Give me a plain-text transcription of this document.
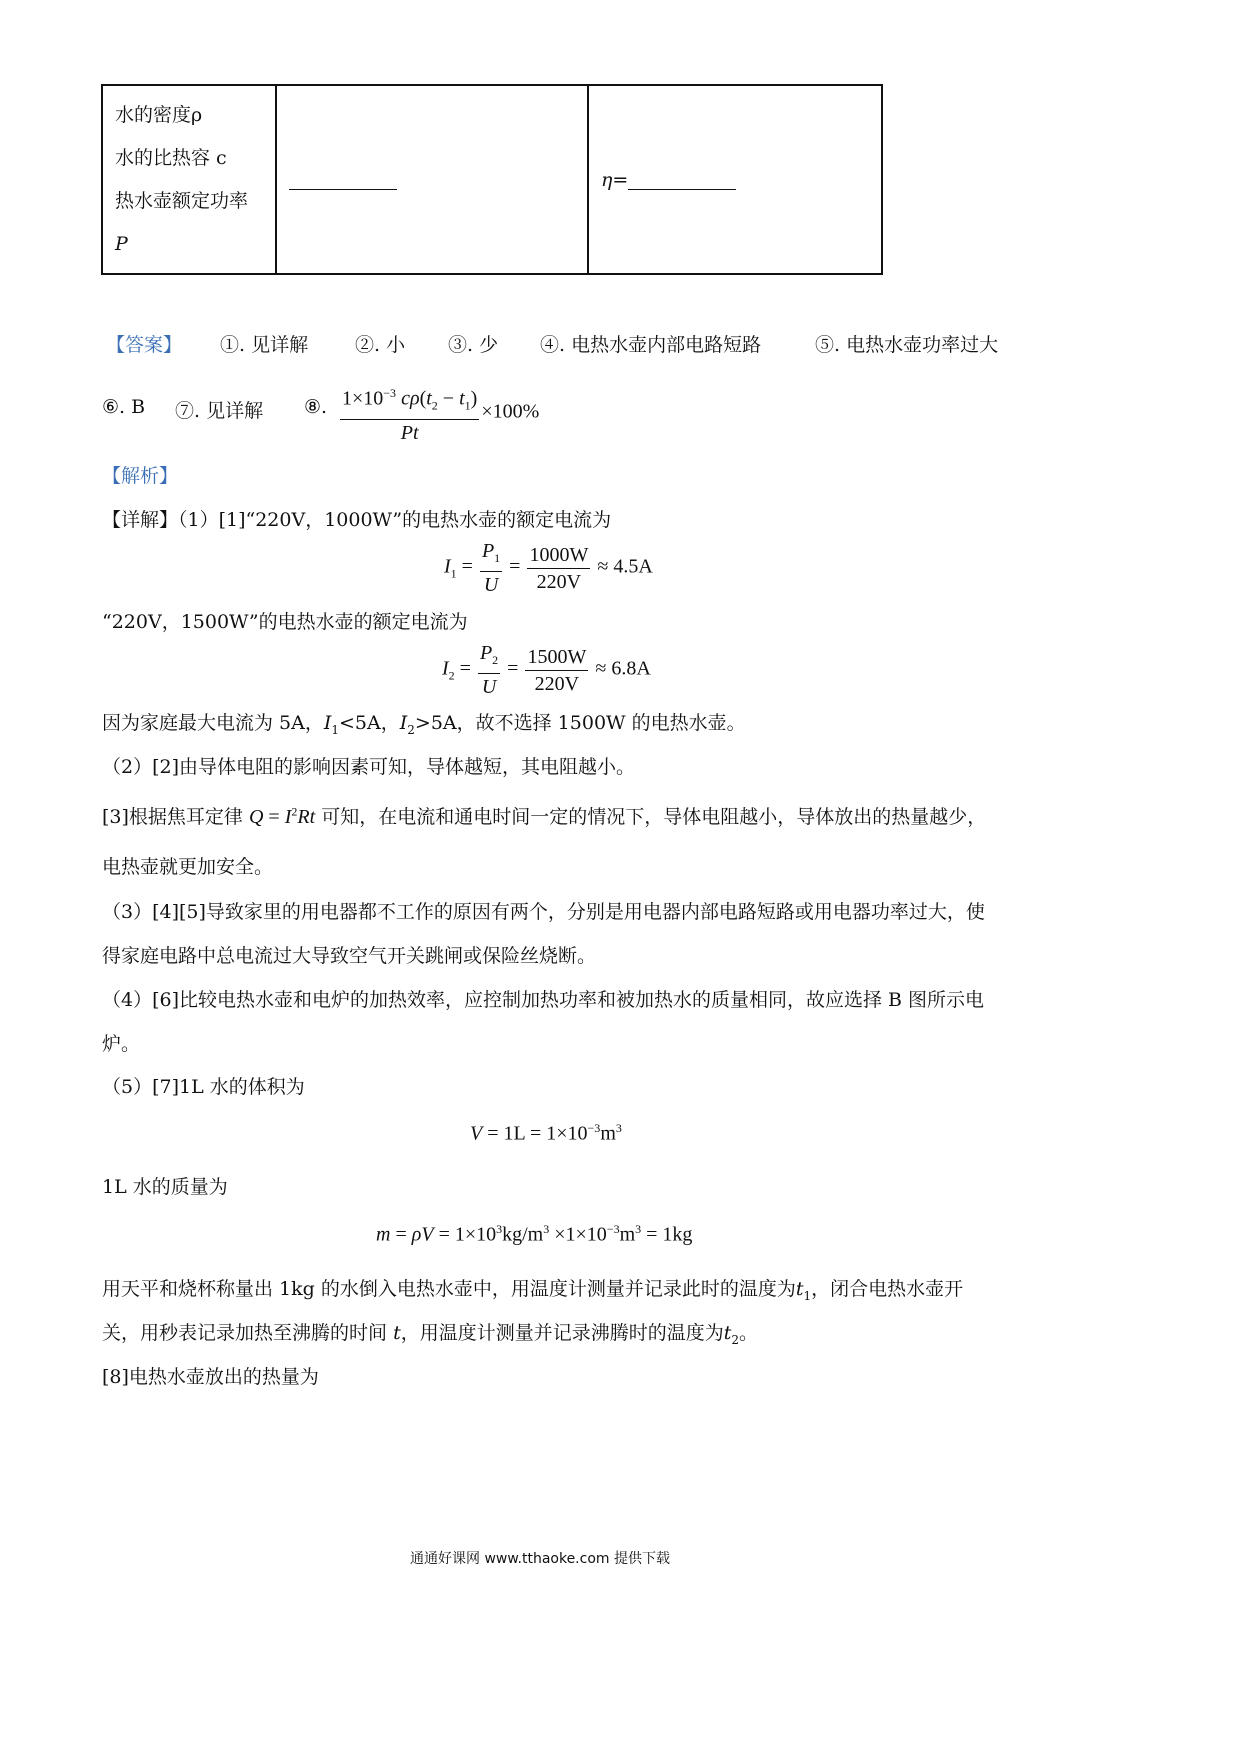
水的密度ρ
水的比热容 c
热水壶额定功率
P
		η=
【答案】 ①. 见详解 ②. 小 ③. 少 ④. 电热水壶内部电路短路	⑤. 电热水壶功率过大
⑥. B ⑦. 见详解 ⑧. $\frac{1\times 10^{-3} c\rho(t_2 - t_1)}{Pt} \times 100\%$
【解析】
【详解】（1）[1]“220V，1000W”的电热水壶的额定电流为
$I_1 = \frac{P_1}{U} = \frac{1000W}{220V} \approx 4.5A$
“220V，1500W”的电热水壶的额定电流为
$I_2 = \frac{P_2}{U} = \frac{1500W}{220V} \approx 6.8A$
因为家庭最大电流为 5A，$I_1<5A$，$I_2>5A$，故不选择 1500W 的电热水壶。
（2）[2]由导体电阻的影响因素可知，导体越短，其电阻越小。
[3]根据焦耳定律 $Q = I^2Rt$ 可知，在电流和通电时间一定的情况下，导体电阻越小，导体放出的热量越少，
电热壶就更加安全。
（3）[4][5]导致家里的用电器都不工作的原因有两个，分别是用电器内部电路短路或用电器功率过大，使
得家庭电路中总电流过大导致空气开关跳闸或保险丝烧断。
（4）[6]比较电热水壶和电炉的加热效率，应控制加热功率和被加热水的质量相同，故应选择 B 图所示电
炉。
（5）[7]1L 水的体积为
$V = 1L = 1\times 10^{-3}m^3$
1L 水的质量为
$m = \rho V = 1\times 10^3kg/m^3 \times 1\times 10^{-3}m^3 = 1kg$
用天平和烧杯称量出 1kg 的水倒入电热水壶中，用温度计测量并记录此时的温度为$t_1$，闭合电热水壶开
关，用秒表记录加热至沸腾的时间 t，用温度计测量并记录沸腾时的温度为$t_2$。
[8]电热水壶放出的热量为
通通好课网 www.tthaoke.com 提供下载
